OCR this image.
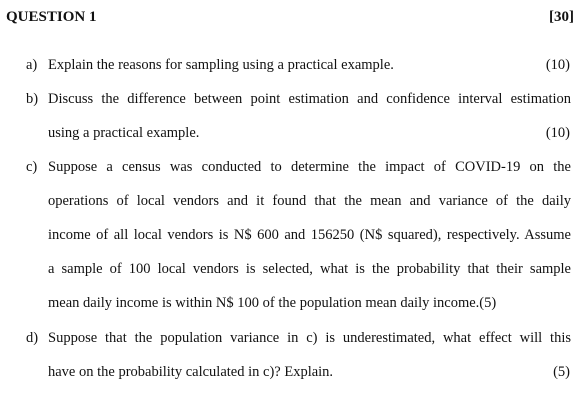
QUESTION 1	[30]
a) Explain the reasons for sampling using a practical example.	(10)
b) Discuss the difference between point estimation and confidence interval estimation
using a practical example.	(10)
c) Suppose a census was conducted to determine the impact of COVID-19 on the
operations of local vendors and it found that the mean and variance of the daily
income of all local vendors is N$ 600 and 156250 (N$ squared), respectively. Assume
a sample of 100 local vendors is selected, what is the probability that their sample
mean daily income is within N$ 100 of the population mean daily income.(5)
d) Suppose that the population variance in c) is underestimated, what effect will this
have on the probability calculated in c)? Explain.	(5)
